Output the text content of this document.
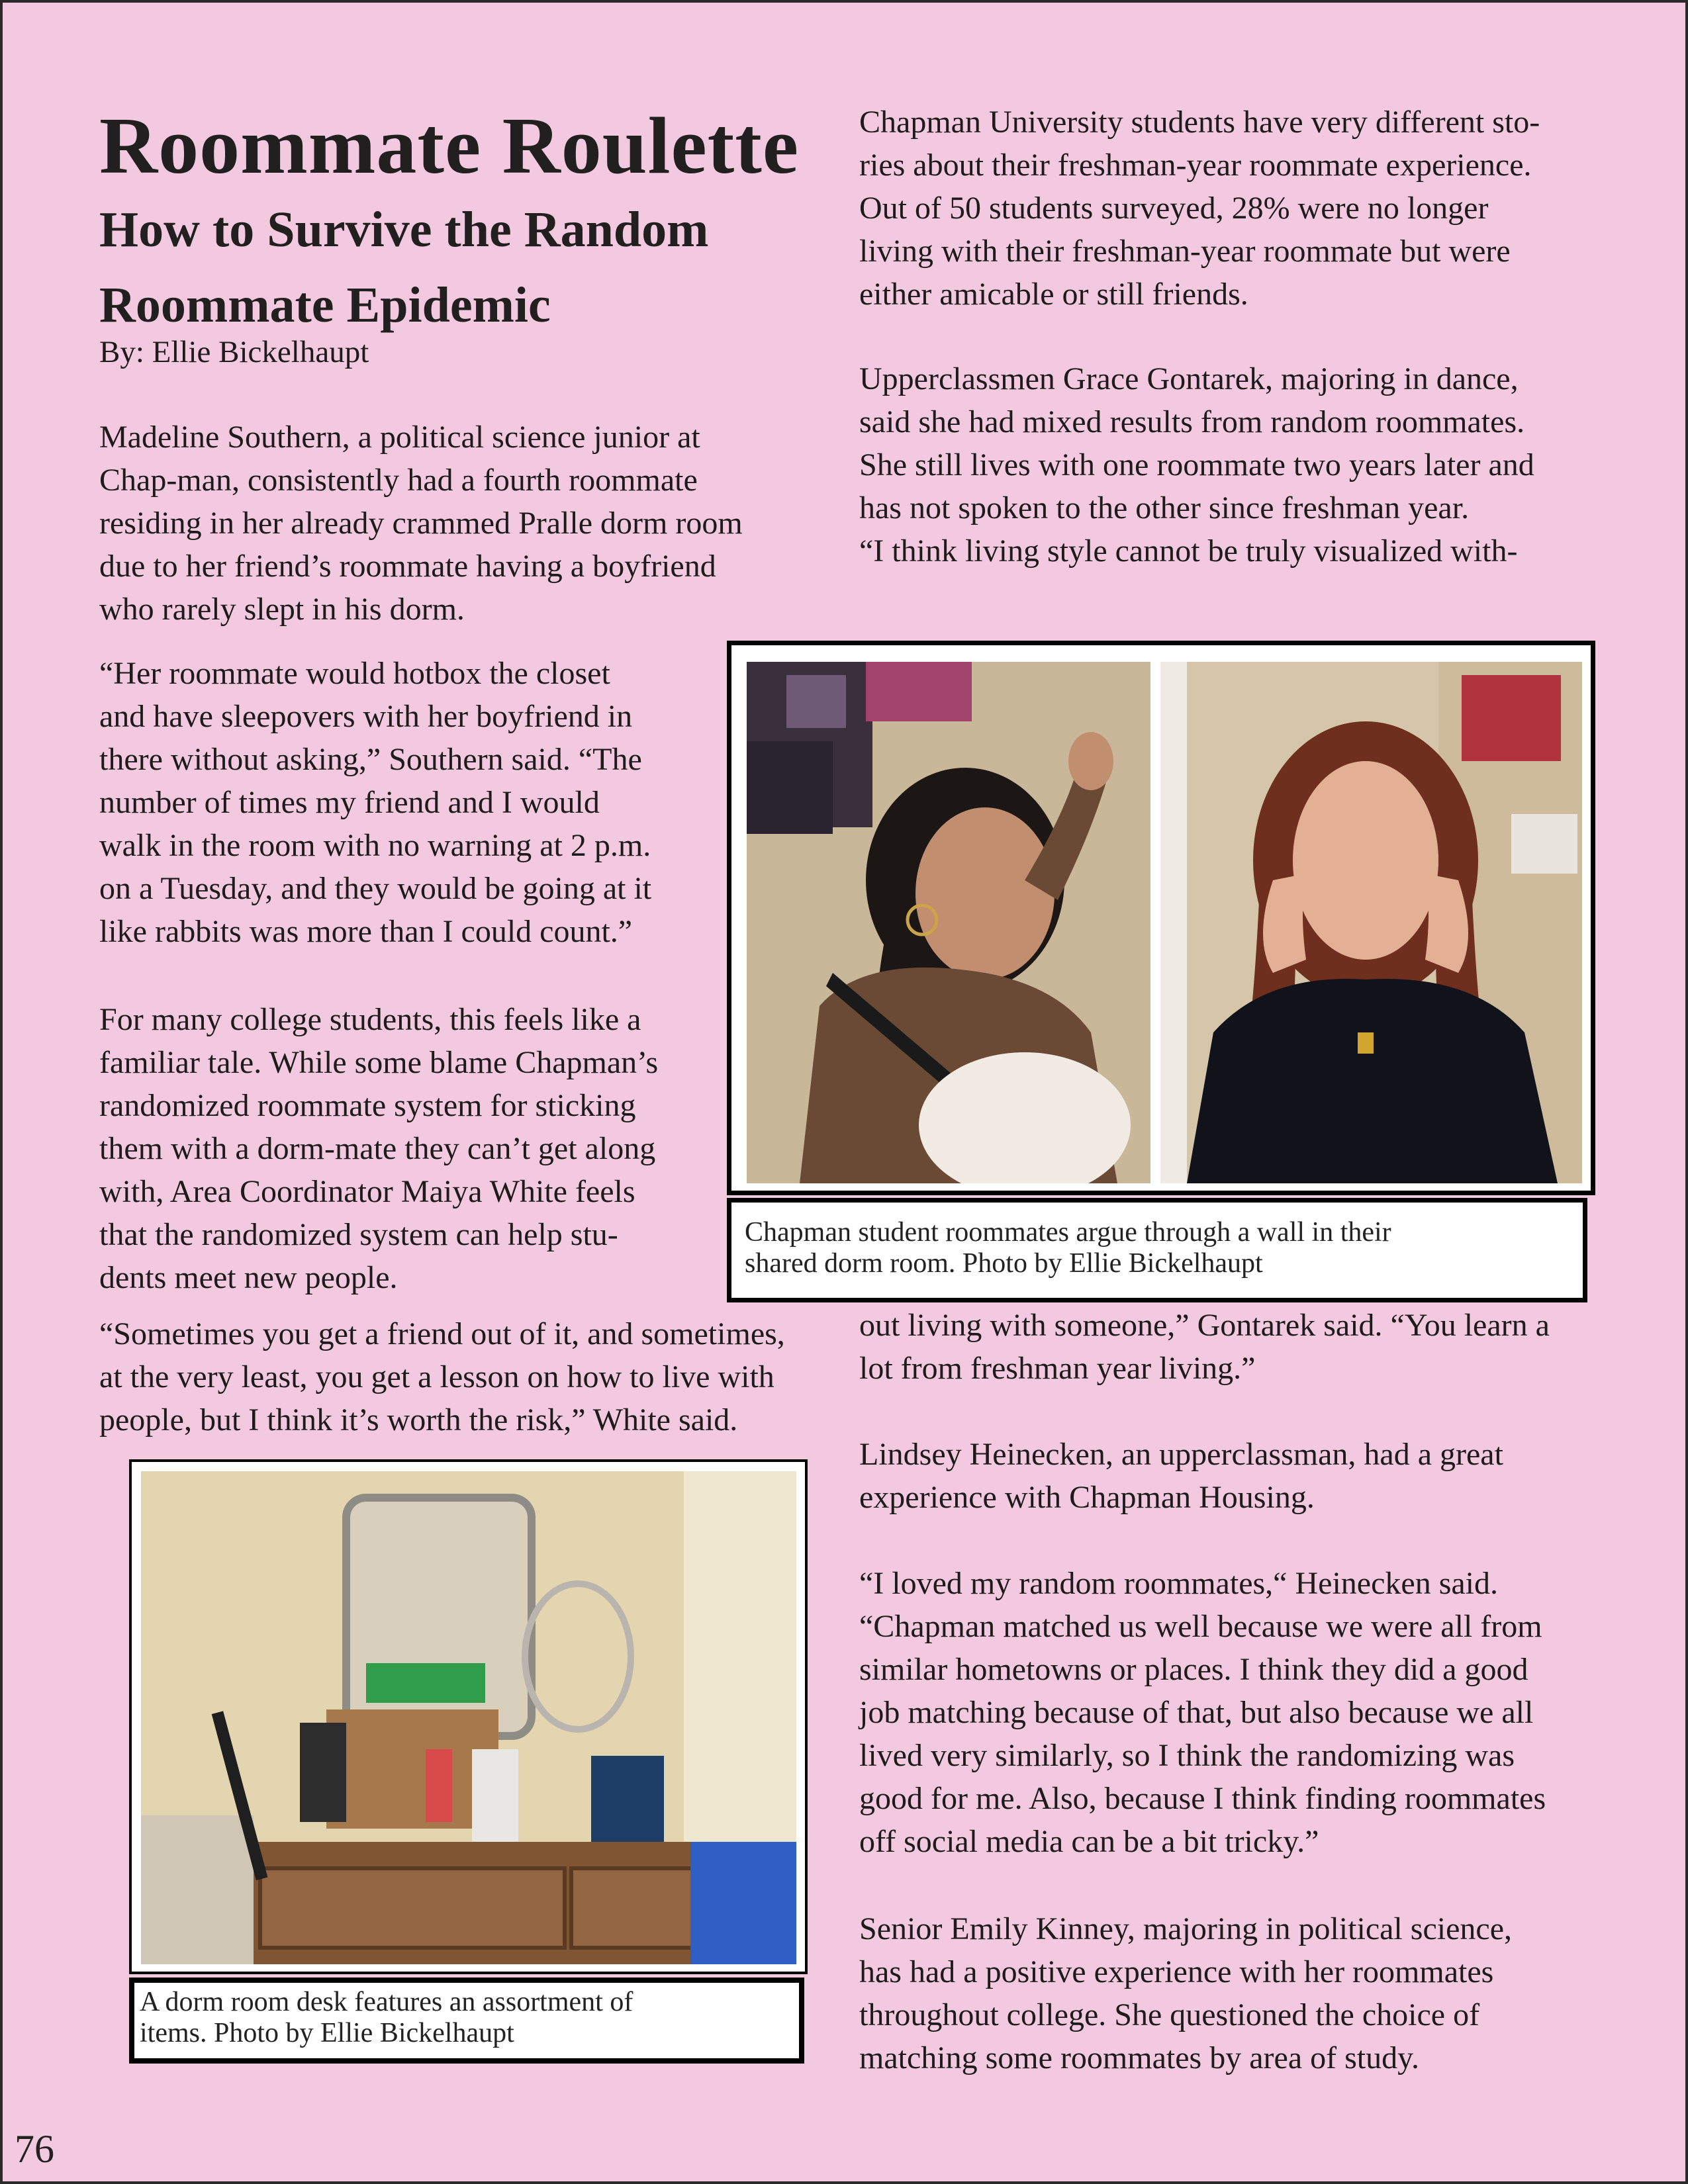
Roommate Roulette
How to Survive the Random Roommate Epidemic

By: Ellie Bickelhaupt

Madeline Southern, a political science junior at
Chap-man, consistently had a fourth roommate
residing in her already crammed Pralle dorm room
due to her friend’s roommate having a boyfriend
who rarely slept in his dorm.

“Her roommate would hotbox the closet
and have sleepovers with her boyfriend in
there without asking,” Southern said. “The
number of times my friend and I would
walk in the room with no warning at 2 p.m.
on a Tuesday, and they would be going at it
like rabbits was more than I could count.”

For many college students, this feels like a
familiar tale. While some blame Chapman’s
randomized roommate system for sticking
them with a dorm-mate they can’t get along
with, Area Coordinator Maiya White feels
that the randomized system can help stu-
dents meet new people.

“Sometimes you get a friend out of it, and sometimes,
at the very least, you get a lesson on how to live with
people, but I think it’s worth the risk,” White said.

Chapman University students have very different sto-
ries about their freshman-year roommate experience.
Out of 50 students surveyed, 28% were no longer
living with their freshman-year roommate but were
either amicable or still friends.

Upperclassmen Grace Gontarek, majoring in dance,
said she had mixed results from random roommates.
She still lives with one roommate two years later and
has not spoken to the other since freshman year.
“I think living style cannot be truly visualized with-

out living with someone,” Gontarek said. “You learn a
lot from freshman year living.”

Lindsey Heinecken, an upperclassman, had a great
experience with Chapman Housing.

“I loved my random roommates,“ Heinecken said.
“Chapman matched us well because we were all from
similar hometowns or places. I think they did a good
job matching because of that, but also because we all
lived very similarly, so I think the randomizing was
good for me. Also, because I think finding roommates
off social media can be a bit tricky.”

Senior Emily Kinney, majoring in political science,
has had a positive experience with her roommates
throughout college. She questioned the choice of
matching some roommates by area of study.

Chapman student roommates argue through a wall in their
shared dorm room. Photo by Ellie Bickelhaupt
A dorm room desk features an assortment of
items. Photo by Ellie Bickelhaupt

76
